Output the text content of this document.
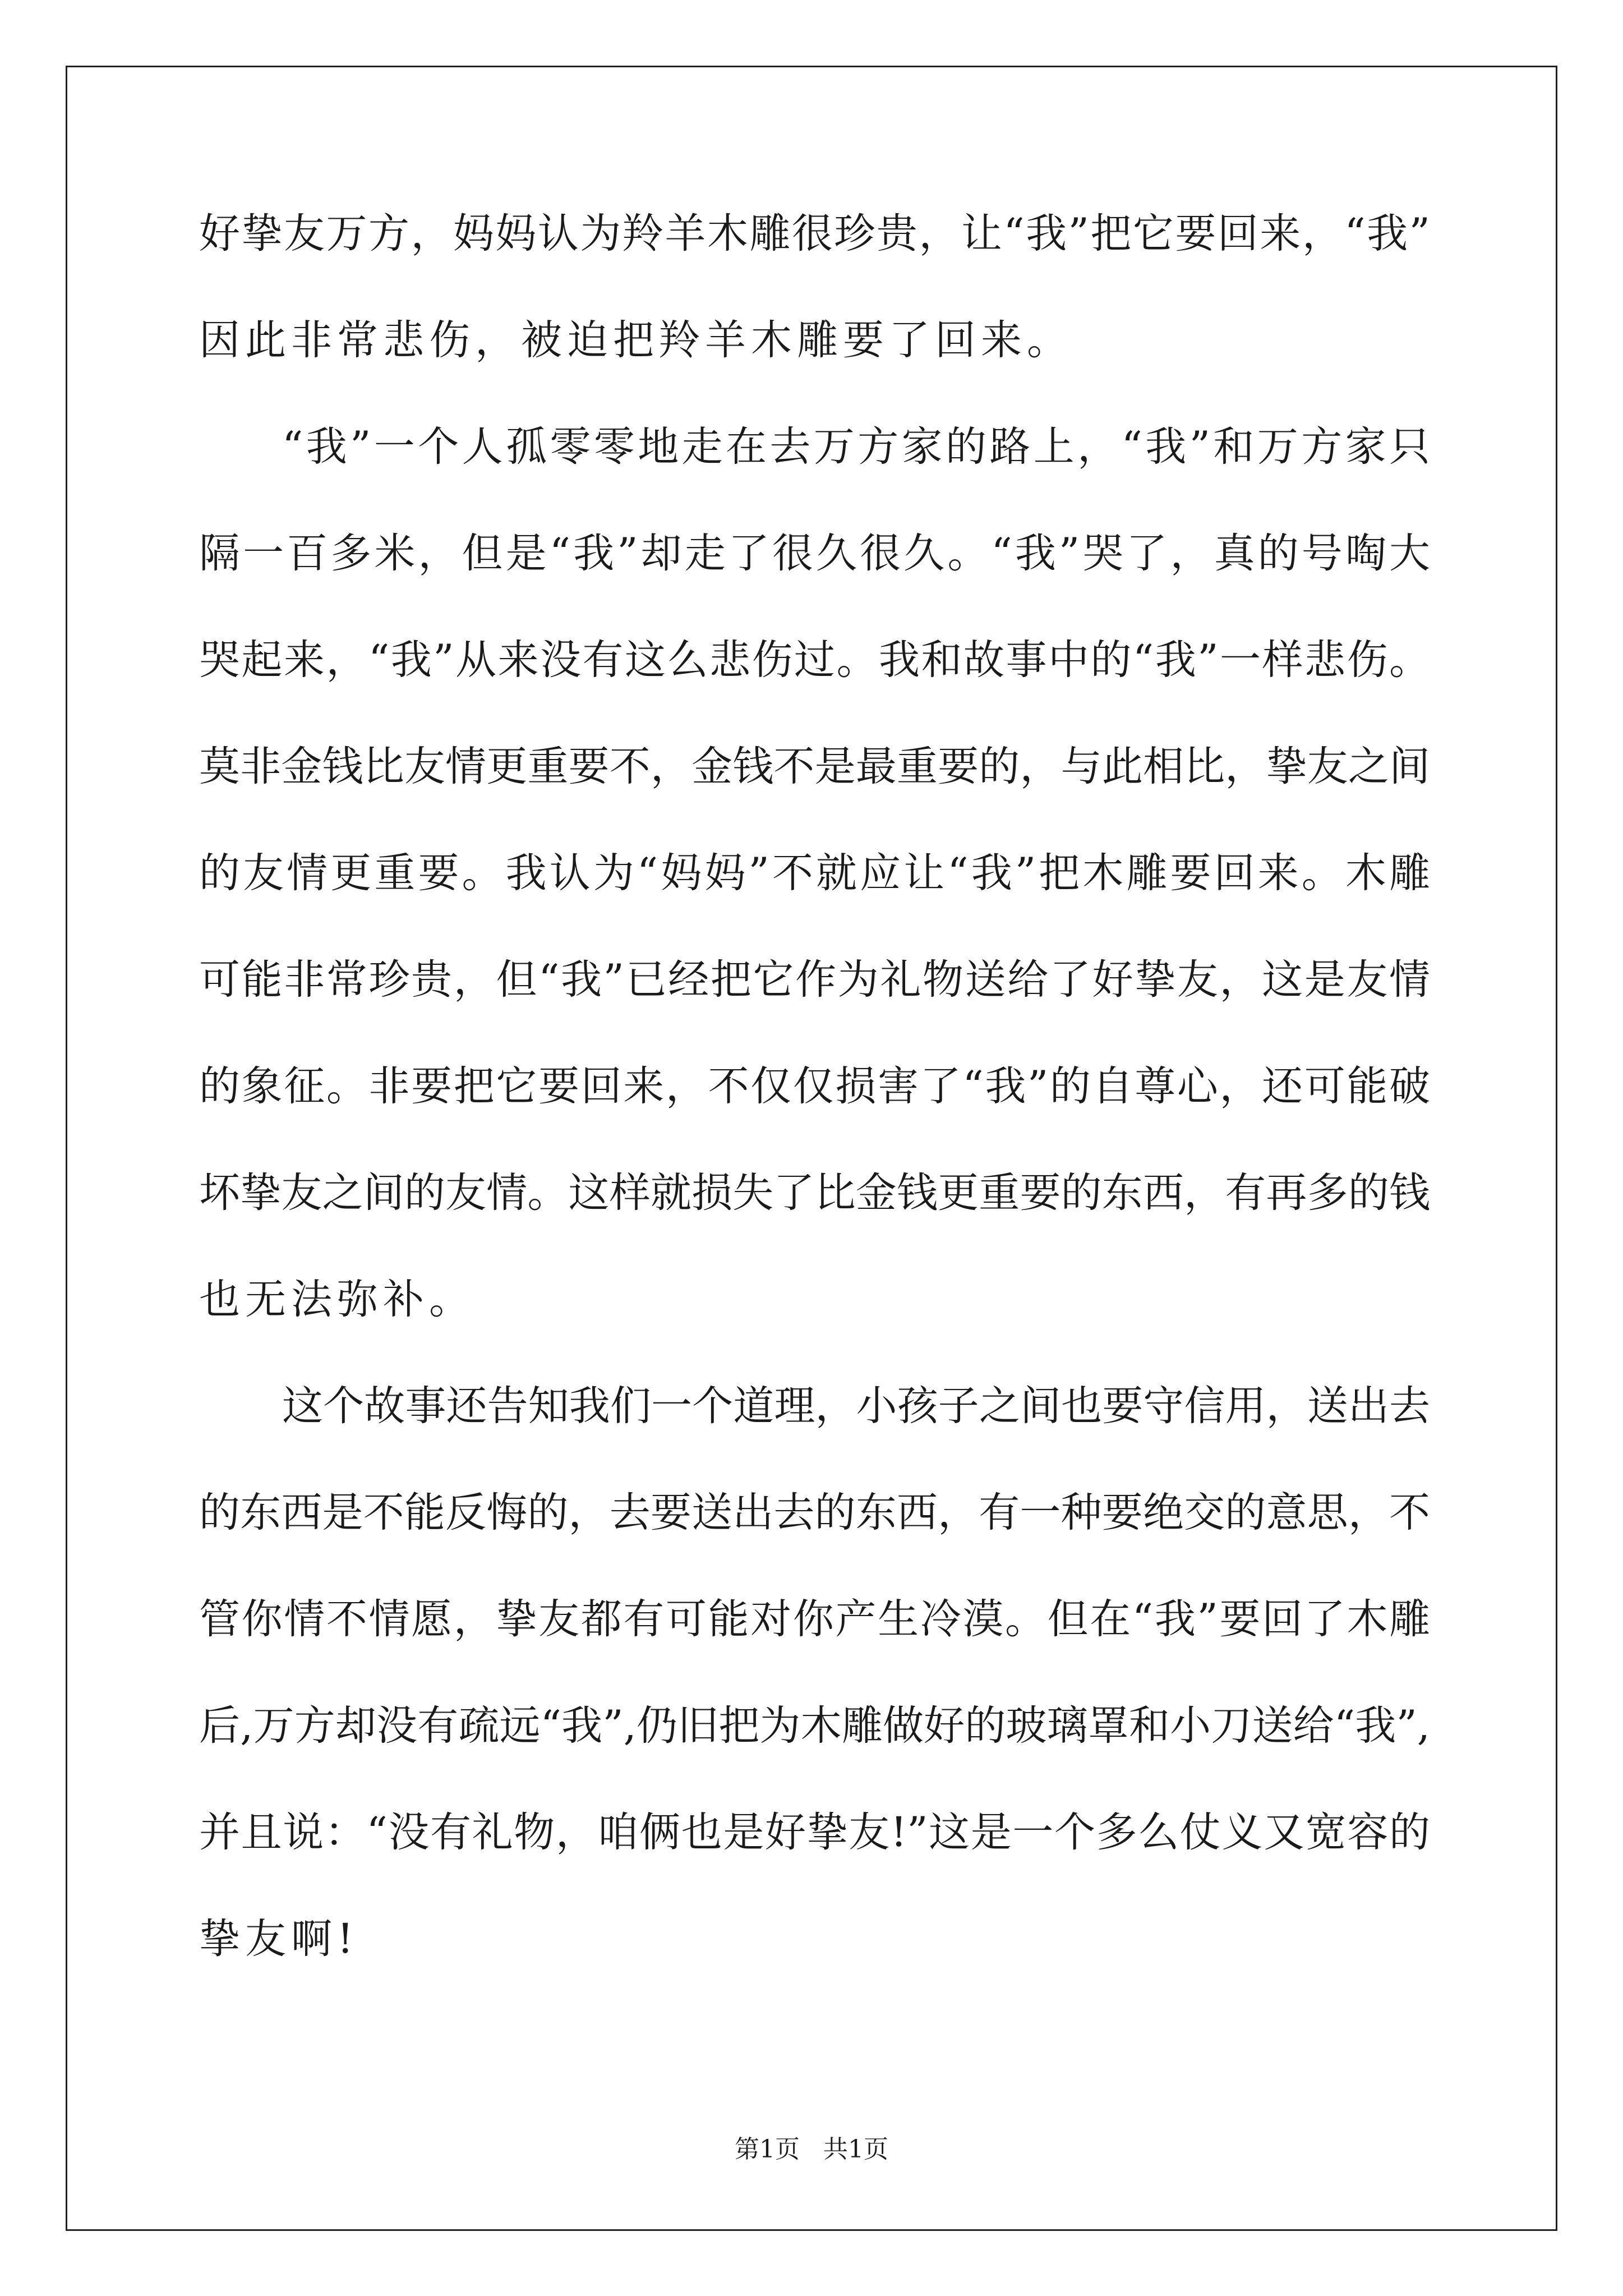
好挚友万方，妈妈认为羚羊木雕很珍贵，让“我”把它要回来，“我”
因此非常悲伤，被迫把羚羊木雕要了回来。
“我”一个人孤零零地走在去万方家的路上，“我”和万方家只
隔一百多米，但是“我”却走了很久很久。“我”哭了，真的号啕大
哭起来，“我”从来没有这么悲伤过。我和故事中的“我”一样悲伤。
莫非金钱比友情更重要不，金钱不是最重要的，与此相比，挚友之间
的友情更重要。我认为“妈妈”不就应让“我”把木雕要回来。木雕
可能非常珍贵，但“我”已经把它作为礼物送给了好挚友，这是友情
的象征。非要把它要回来，不仅仅损害了“我”的自尊心，还可能破
坏挚友之间的友情。这样就损失了比金钱更重要的东西，有再多的钱
也无法弥补。
这个故事还告知我们一个道理，小孩子之间也要守信用，送出去
的东西是不能反悔的，去要送出去的东西，有一种要绝交的意思，不
管你情不情愿，挚友都有可能对你产生冷漠。但在“我”要回了木雕
后,万方却没有疏远“我”,仍旧把为木雕做好的玻璃罩和小刀送给“我”,
并且说：“没有礼物，咱俩也是好挚友!”这是一个多么仗义又宽容的
挚友啊!
第1页   共1页
